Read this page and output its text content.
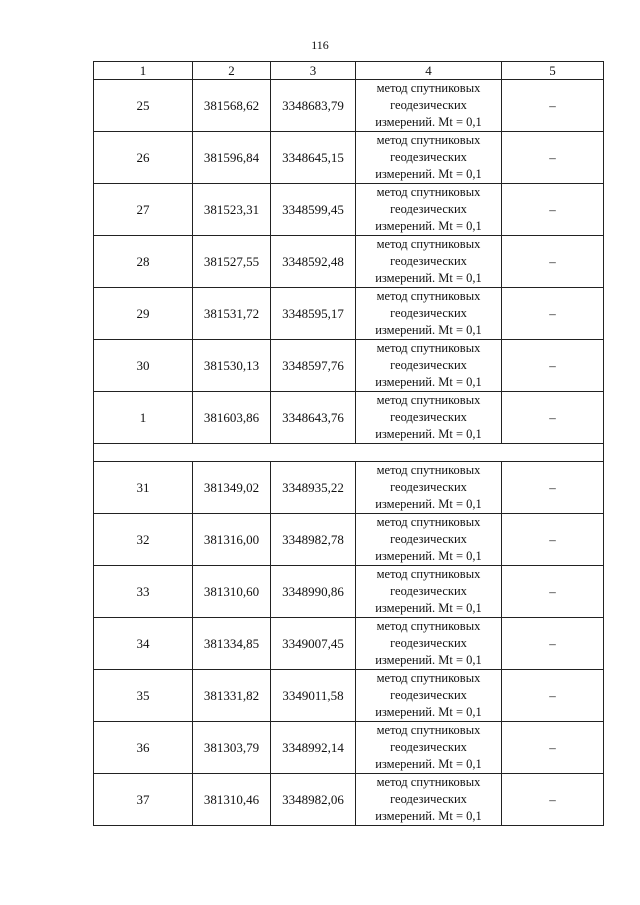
116
1	2	3	4	5
25	381568,62	3348683,79	метод спутниковых
геодезических
измерений. Mt = 0,1	–
26	381596,84	3348645,15	метод спутниковых
геодезических
измерений. Mt = 0,1	–
27	381523,31	3348599,45	метод спутниковых
геодезических
измерений. Mt = 0,1	–
28	381527,55	3348592,48	метод спутниковых
геодезических
измерений. Mt = 0,1	–
29	381531,72	3348595,17	метод спутниковых
геодезических
измерений. Mt = 0,1	–
30	381530,13	3348597,76	метод спутниковых
геодезических
измерений. Mt = 0,1	–
1	381603,86	3348643,76	метод спутниковых
геодезических
измерений. Mt = 0,1	–

31	381349,02	3348935,22	метод спутниковых
геодезических
измерений. Mt = 0,1	–
32	381316,00	3348982,78	метод спутниковых
геодезических
измерений. Mt = 0,1	–
33	381310,60	3348990,86	метод спутниковых
геодезических
измерений. Mt = 0,1	–
34	381334,85	3349007,45	метод спутниковых
геодезических
измерений. Mt = 0,1	–
35	381331,82	3349011,58	метод спутниковых
геодезических
измерений. Mt = 0,1	–
36	381303,79	3348992,14	метод спутниковых
геодезических
измерений. Mt = 0,1	–
37	381310,46	3348982,06	метод спутниковых
геодезических
измерений. Mt = 0,1	–
